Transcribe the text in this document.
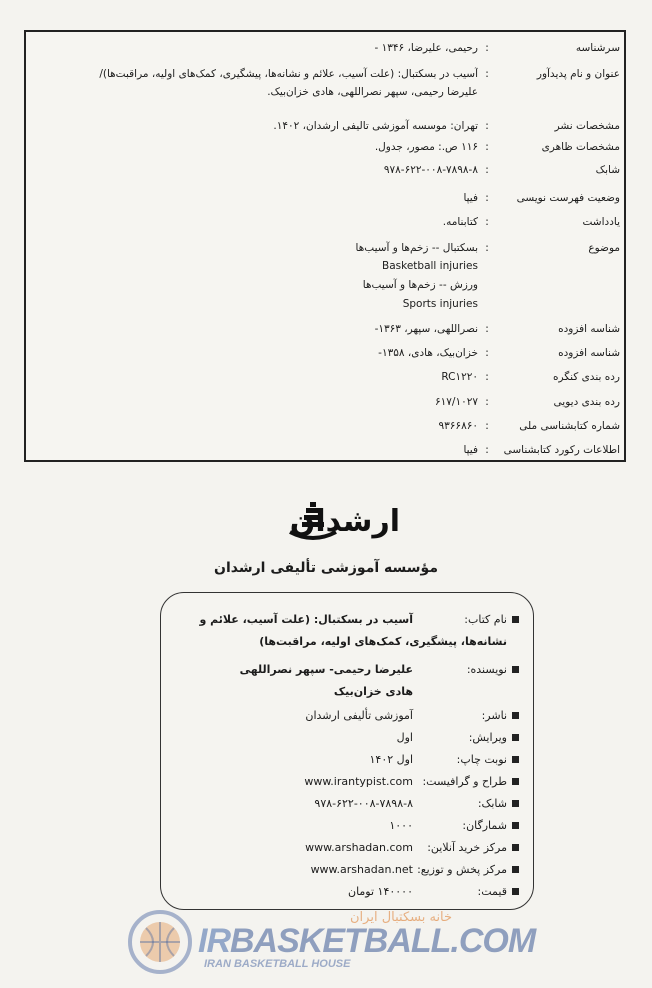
سرشناسه
:
رحیمی، علیرضا، ۱۳۴۶ -
عنوان و نام پدیدآور
:
آسیب در بسکتبال: (علت آسیب، علائم و نشانه‌ها، پیشگیری، کمک‌های اولیه، مراقبت‌ها)/
علیرضا رحیمی، سپهر نصراللهی، هادی خزان‌بیک.
مشخصات نشر
:
تهران: موسسه آموزشی تالیفی ارشدان، ۱۴۰۲.
مشخصات ظاهری
:
۱۱۶ ص.: مصور، جدول.
شابک
:
۹۷۸-۶۲۲-۰۰۸-۷۸۹۸-۸
وضعیت فهرست نویسی
:
فیپا
یادداشت
:
کتابنامه.
موضوع
:
بسکتبال -- زخم‌ها و آسیب‌ها
Basketball injuries
ورزش -- زخم‌ها و آسیب‌ها
Sports injuries
شناسه افزوده
:
نصراللهی، سپهر، ۱۳۶۳-
شناسه افزوده
:
خزان‌بیک، هادی، ۱۳۵۸-
رده بندی کنگره
:
RC۱۲۲۰
رده بندی دیویی
:
۶۱۷/۱۰۲۷
شماره کتابشناسی ملی
:
۹۳۶۶۸۶۰
اطلاعات رکورد کتابشناسی
:
فیپا
ارشدان
مؤسسه آموزشی تألیفی ارشدان
نام کتاب:
آسیب در بسکتبال: (علت آسیب، علائم و
نشانه‌ها، پیشگیری، کمک‌های اولیه، مراقبت‌ها)
نویسنده:
علیرضا رحیمی- سپهر نصراللهی
هادی خزان‌بیک
ناشر:
آموزشی تألیفی ارشدان
ویرایش:
اول
نوبت چاپ:
اول ۱۴۰۲
طراح و گرافیست:
www.irantypist.com
شابک:
۹۷۸-۶۲۲-۰۰۸-۷۸۹۸-۸
شمارگان:
۱۰۰۰
مرکز خرید آنلاین:
www.arshadan.com
مرکز پخش و توزیع:
www.arshadan.net
قیمت:
۱۴۰۰۰۰ تومان
IRBASKETBALL.COM
IRAN BASKETBALL HOUSE
خانه بسکتبال ایران
